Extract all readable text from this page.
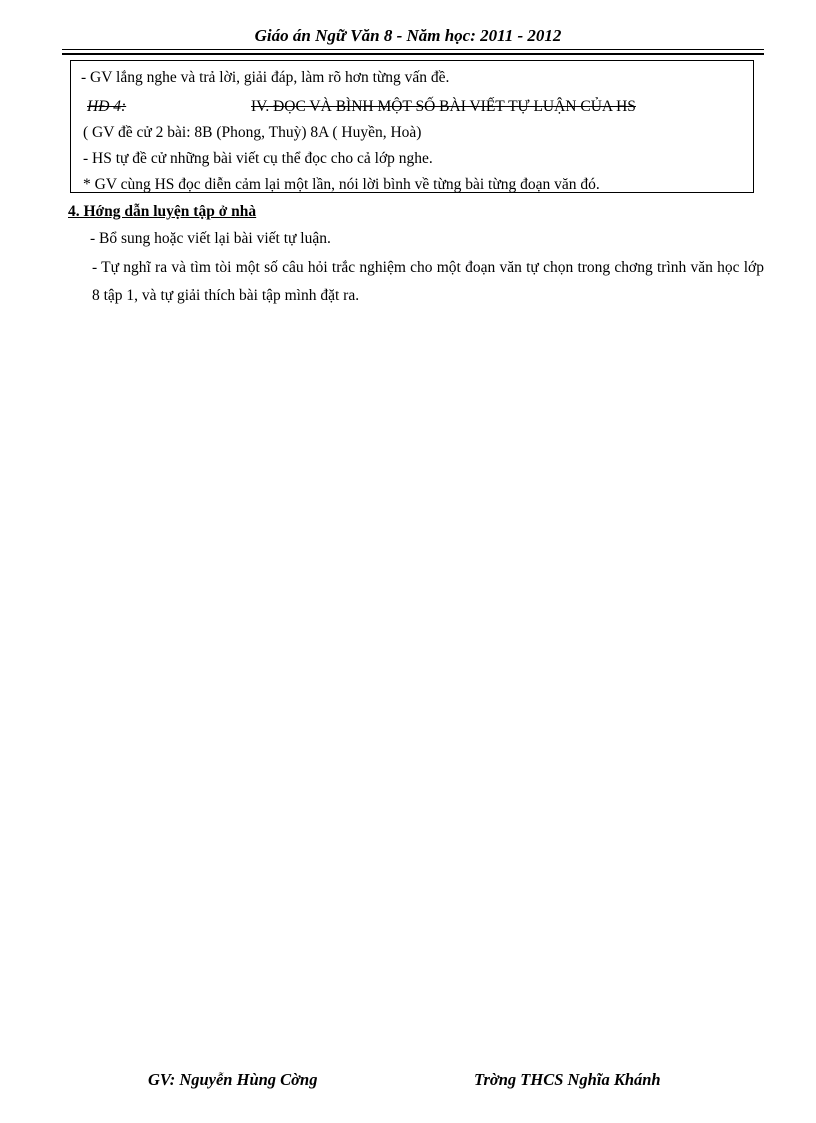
Giáo án Ngữ Văn 8 - Năm học: 2011 - 2012
- GV lắng nghe và trả lời, giải đáp, làm rõ hơn từng vấn đề.
HĐ 4:	IV. ĐỌC VÀ BÌNH MỘT SỐ BÀI VIẾT TỰ LUẬN CỦA HS
( GV đề cử 2 bài: 8B (Phong, Thuỳ) 8A ( Huyền, Hoà)
- HS tự đề cử những bài viết cụ thể đọc cho cả lớp nghe.
* GV cùng HS đọc diễn cảm lại một lần, nói lời bình về từng bài từng đoạn văn đó.
4. Hớng dẫn luyện tập ở nhà
- Bổ sung hoặc viết lại bài viết tự luận.
- Tự nghĩ ra và tìm tòi một số câu hỏi trắc nghiệm cho một đoạn văn tự chọn trong chơng trình văn học lớp 8 tập 1, và tự giải thích bài tập mình đặt ra.
GV: Nguyễn Hùng Cờng	Trờng THCS Nghĩa Khánh
